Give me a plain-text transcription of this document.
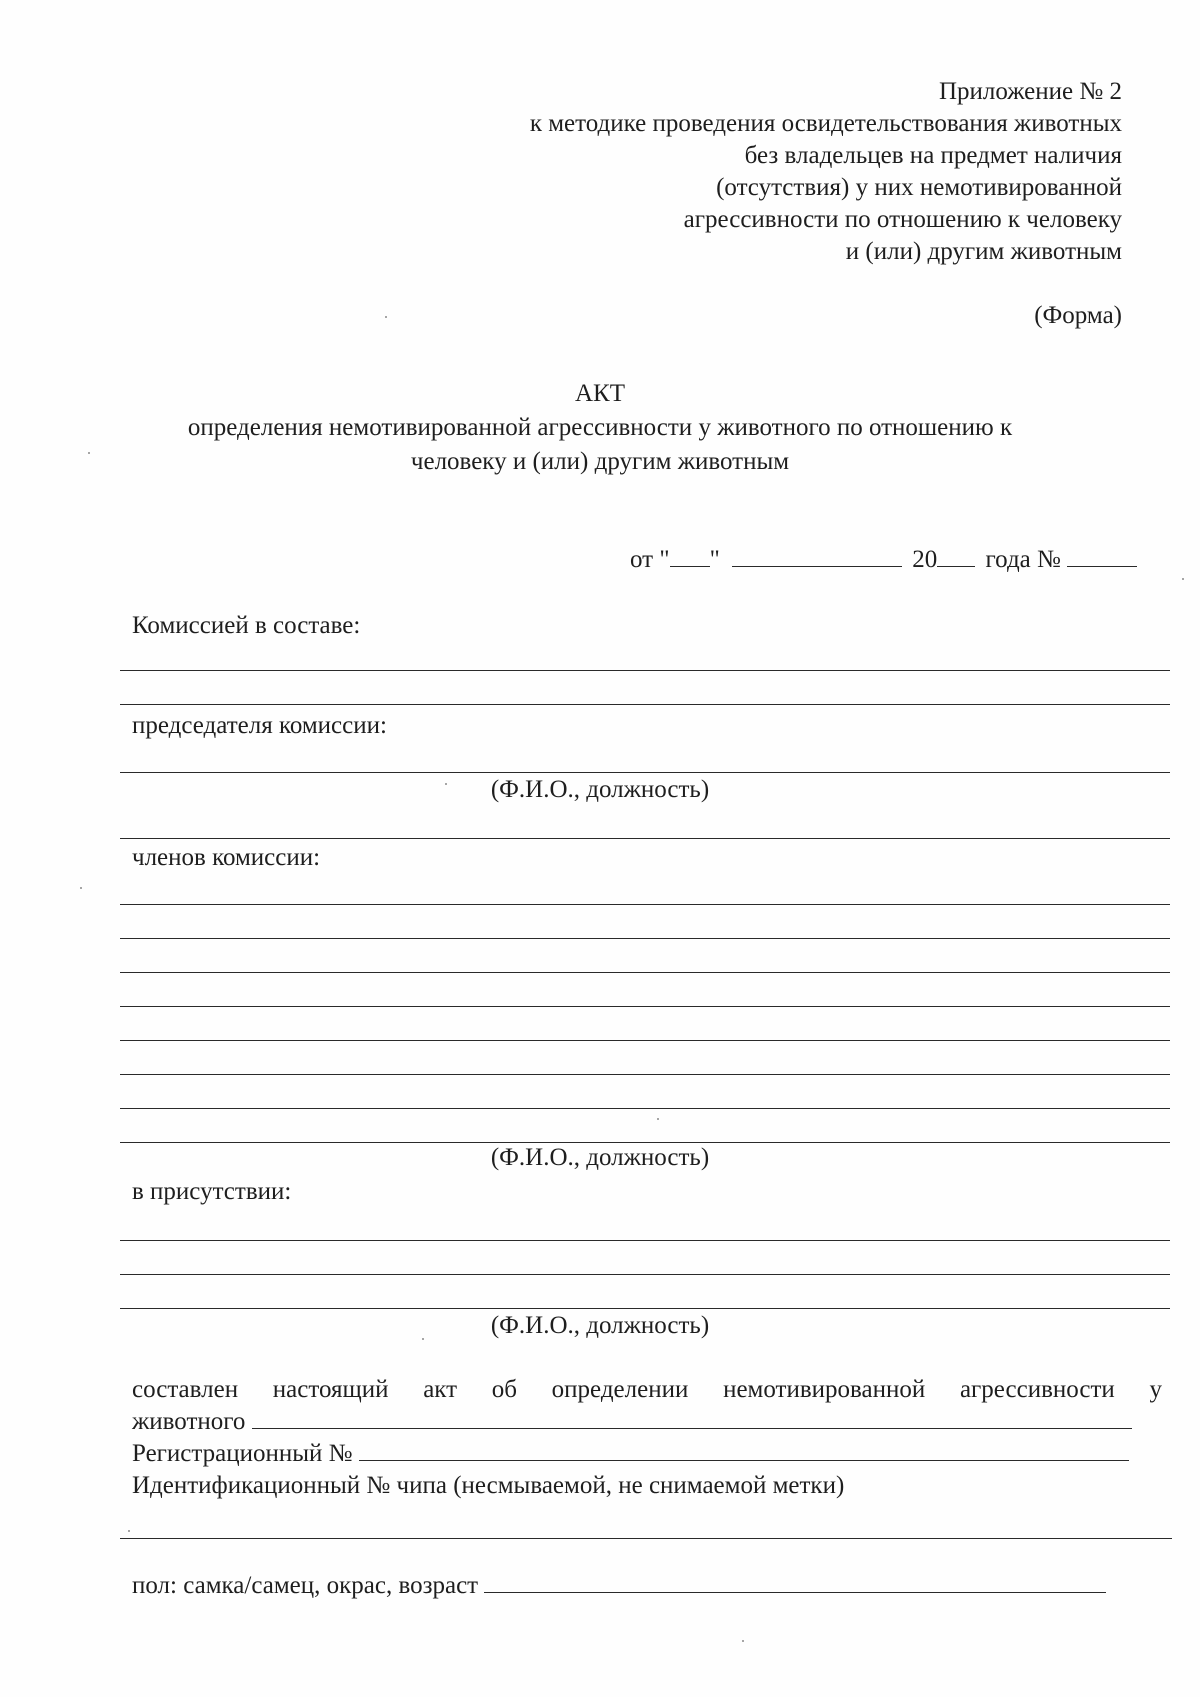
Приложение № 2

к методике проведения освидетельствования животных

без владельцев на предмет наличия

(отсутствия) у них немотивированной

агрессивности по отношению к человеку

и (или) другим животным

(Форма)

АКТ

определения немотивированной агрессивности у животного по отношению к

человеку и (или) другим животным

от " "	20 года №

Комиссией в составе:

председателя комиссии:

(Ф.И.О., должность)

членов комиссии:

(Ф.И.О., должность)

в присутствии:

(Ф.И.О., должность)

составлен настоящий акт об определении немотивированной агрессивности у

животного

Регистрационный №

Идентификационный № чипа (несмываемой, не снимаемой метки)

пол: самка/самец, окрас, возраст
